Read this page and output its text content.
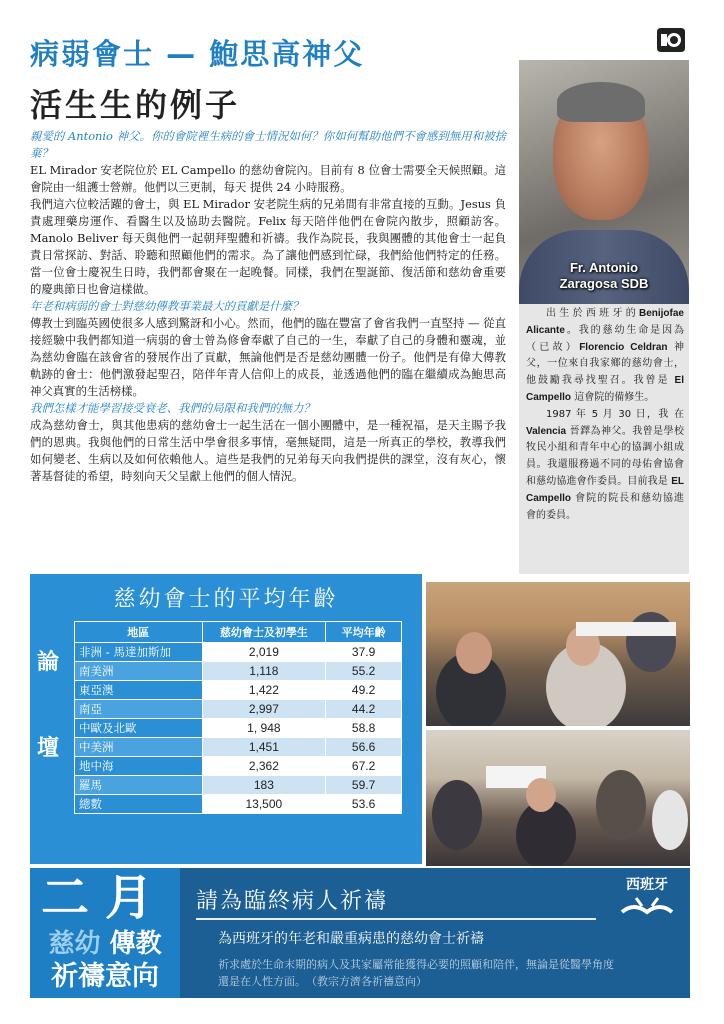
病弱會士 — 鮑思高神父
活生生的例子

親愛的 Antonio 神父。你的會院裡生病的會士情況如何？你如何幫助他們不會感到無用和被捨棄？

EL Mirador 安老院位於 EL Campello 的慈幼會院內。目前有 8 位會士需要全天候照顧。這會院由一組護士營辦。他們以三更制，每天 提供 24 小時服務。

我們這六位較活躍的會士，與 EL Mirador 安老院生病的兄弟間有非常直接的互動。Jesus 負責處理藥房運作、看醫生以及協助去醫院。Felix 每天陪伴他們在會院內散步，照顧訪客。Manolo Beliver 每天與他們一起朝拜聖體和祈禱。我作為院長，我與團體的其他會士一起負責日常探訪、對話、聆聽和照顧他們的需求。為了讓他們感到忙碌，我們給他們特定的任務。當一位會士慶祝生日時，我們都會聚在一起晚餐。同樣，我們在聖誕節、復活節和慈幼會重要的慶典節日也會這樣做。

年老和病弱的會士對慈幼傳教事業最大的貢獻是什麼？

傳教士到臨英國使很多人感到驚訝和小心。然而，他們的臨在豐富了會省我們一直堅持 — 從直接經驗中我們都知道一病弱的會士曾為修會奉獻了自己的一生，奉獻了自己的身體和靈魂，並為慈幼會臨在該會省的發展作出了貢獻，無論他們是否是慈幼團體一份子。他們是有偉大傳教軌跡的會士：他們激發起聖召，陪伴年青人信仰上的成長，並透過他們的臨在繼續成為鮑思高神父真實的生活榜樣。

我們怎樣才能學習接受衰老、我們的局限和我們的無力？

成為慈幼會士，與其他患病的慈幼會士一起生活在一個小團體中，是一種祝福，是天主賜予我們的恩典。我與他們的日常生活中學會很多事情，毫無疑問，這是一所真正的學校，教導我們如何變老、生病以及如何依賴他人。這些是我們的兄弟每天向我們提供的課堂，沒有灰心，懷著基督徒的希望，時刻向天父呈獻上他們的個人情況。

Fr. Antonio
Zaragosa SDB

出 生 於 西 班 牙 的 Benijofae Alicante。我的慈幼生命是因為（已故）Florencio Celdran 神父，一位來自我家鄉的慈幼會士，他鼓勵我尋找聖召。我曾是 El Campello 這會院的備修生。

1987 年 5 月 30 日，我 在 Valencia 晉鐸為神父。我曾是學校牧民小組和青年中心的協調小組成員。我還服務過不同的母佑會協會和慈幼協進會作委員。目前我是 EL Campello 會院的院長和慈幼協進會的委員。

慈幼會士的平均年齡
論
壇
地區	慈幼會士及初學生	平均年齡
非洲 - 馬達加斯加	2,019	37.9
南美洲	1,118	55.2
東亞澳	1,422	49.2
南亞	2,997	44.2
中歐及北歐	1, 948	58.8
中美洲	1,451	56.6
地中海	2,362	67.2
羅馬	183	59.7
總數	13,500	53.6
二月
慈幼 傳教
祈禱意向
請為臨終病人祈禱
為西班牙的年老和嚴重病患的慈幼會士祈禱
祈求處於生命末期的病人及其家屬常能獲得必要的照顧和陪伴，無論是從醫學角度還是在人性方面。　（教宗方濟各祈禱意向）
西班牙
